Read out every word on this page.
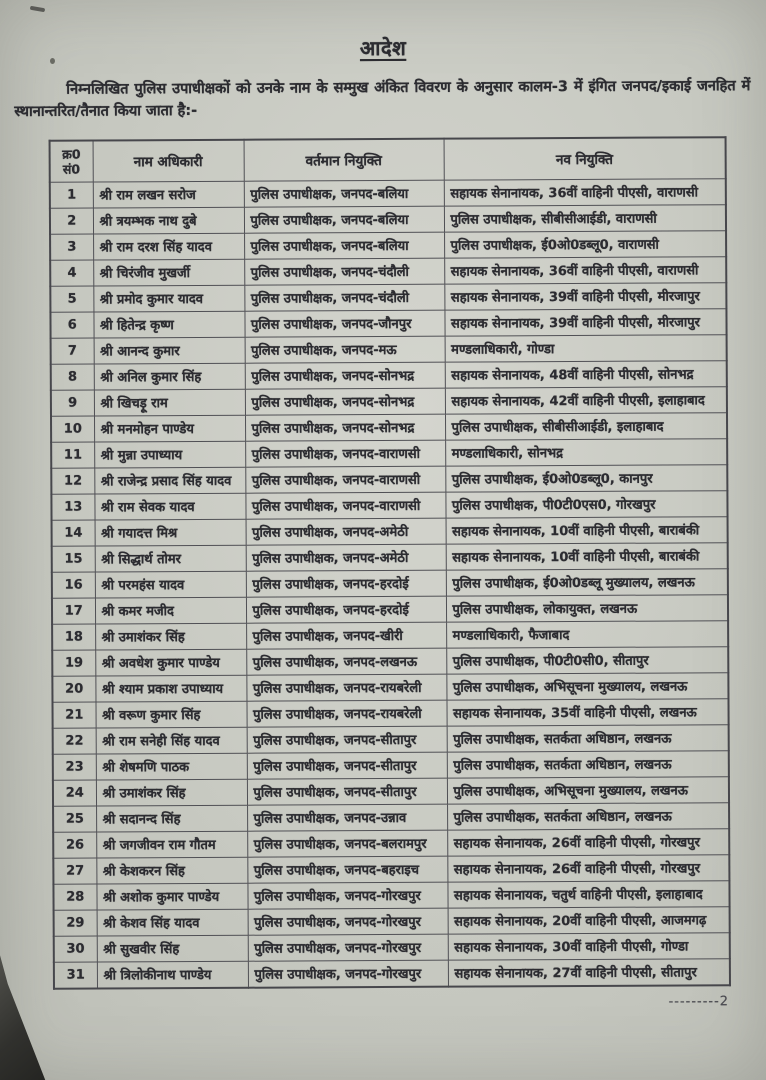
आदेश

निम्नलिखित पुलिस उपाधीक्षकों को उनके नाम के सम्मुख अंकित विवरण के अनुसार कालम-3 में इंगित जनपद/इकाई जनहित में स्थानान्तरित/तैनात किया जाता है:-

क्र0
सं0	नाम अधिकारी	वर्तमान नियुक्ति	नव नियुक्ति
1	श्री राम लखन सरोज	पुलिस उपाधीक्षक, जनपद-बलिया	सहायक सेनानायक, 36वीं वाहिनी पीएसी, वाराणसी
2	श्री त्रयम्भक नाथ दुबे	पुलिस उपाधीक्षक, जनपद-बलिया	पुलिस उपाधीक्षक, सीबीसीआईडी, वाराणसी
3	श्री राम दरश सिंह यादव	पुलिस उपाधीक्षक, जनपद-बलिया	पुलिस उपाधीक्षक, ई0ओ0डब्लू0, वाराणसी
4	श्री चिरंजीव मुखर्जी	पुलिस उपाधीक्षक, जनपद-चंदौली	सहायक सेनानायक, 36वीं वाहिनी पीएसी, वाराणसी
5	श्री प्रमोद कुमार यादव	पुलिस उपाधीक्षक, जनपद-चंदौली	सहायक सेनानायक, 39वीं वाहिनी पीएसी, मीरजापुर
6	श्री हितेन्द्र कृष्ण	पुलिस उपाधीक्षक, जनपद-जौनपुर	सहायक सेनानायक, 39वीं वाहिनी पीएसी, मीरजापुर
7	श्री आनन्द कुमार	पुलिस उपाधीक्षक, जनपद-मऊ	मण्डलाधिकारी, गोण्डा
8	श्री अनिल कुमार सिंह	पुलिस उपाधीक्षक, जनपद-सोनभद्र	सहायक सेनानायक, 48वीं वाहिनी पीएसी, सोनभद्र
9	श्री खिचड़ू राम	पुलिस उपाधीक्षक, जनपद-सोनभद्र	सहायक सेनानायक, 42वीं वाहिनी पीएसी, इलाहाबाद
10	श्री मनमोहन पाण्डेय	पुलिस उपाधीक्षक, जनपद-सोनभद्र	पुलिस उपाधीक्षक, सीबीसीआईडी, इलाहाबाद
11	श्री मुन्ना उपाध्याय	पुलिस उपाधीक्षक, जनपद-वाराणसी	मण्डलाधिकारी, सोनभद्र
12	श्री राजेन्द्र प्रसाद सिंह यादव	पुलिस उपाधीक्षक, जनपद-वाराणसी	पुलिस उपाधीक्षक, ई0ओ0डब्लू0, कानपुर
13	श्री राम सेवक यादव	पुलिस उपाधीक्षक, जनपद-वाराणसी	पुलिस उपाधीक्षक, पी0टी0एस0, गोरखपुर
14	श्री गयादत्त मिश्र	पुलिस उपाधीक्षक, जनपद-अमेठी	सहायक सेनानायक, 10वीं वाहिनी पीएसी, बाराबंकी
15	श्री सिद्धार्थ तोमर	पुलिस उपाधीक्षक, जनपद-अमेठी	सहायक सेनानायक, 10वीं वाहिनी पीएसी, बाराबंकी
16	श्री परमहंस यादव	पुलिस उपाधीक्षक, जनपद-हरदोई	पुलिस उपाधीक्षक, ई0ओ0डब्लू मुख्यालय, लखनऊ
17	श्री कमर मजीद	पुलिस उपाधीक्षक, जनपद-हरदोई	पुलिस उपाधीक्षक, लोकायुक्त, लखनऊ
18	श्री उमाशंकर सिंह	पुलिस उपाधीक्षक, जनपद-खीरी	मण्डलाधिकारी, फैजाबाद
19	श्री अवधेश कुमार पाण्डेय	पुलिस उपाधीक्षक, जनपद-लखनऊ	पुलिस उपाधीक्षक, पी0टी0सी0, सीतापुर
20	श्री श्याम प्रकाश उपाध्याय	पुलिस उपाधीक्षक, जनपद-रायबरेली	पुलिस उपाधीक्षक, अभिसूचना मुख्यालय, लखनऊ
21	श्री वरूण कुमार सिंह	पुलिस उपाधीक्षक, जनपद-रायबरेली	सहायक सेनानायक, 35वीं वाहिनी पीएसी, लखनऊ
22	श्री राम सनेही सिंह यादव	पुलिस उपाधीक्षक, जनपद-सीतापुर	पुलिस उपाधीक्षक, सतर्कता अधिष्ठान, लखनऊ
23	श्री शेषमणि पाठक	पुलिस उपाधीक्षक, जनपद-सीतापुर	पुलिस उपाधीक्षक, सतर्कता अधिष्ठान, लखनऊ
24	श्री उमाशंकर सिंह	पुलिस उपाधीक्षक, जनपद-सीतापुर	पुलिस उपाधीक्षक, अभिसूचना मुख्यालय, लखनऊ
25	श्री सदानन्द सिंह	पुलिस उपाधीक्षक, जनपद-उन्नाव	पुलिस उपाधीक्षक, सतर्कता अधिष्ठान, लखनऊ
26	श्री जगजीवन राम गौतम	पुलिस उपाधीक्षक, जनपद-बलरामपुर	सहायक सेनानायक, 26वीं वाहिनी पीएसी, गोरखपुर
27	श्री केशकरन सिंह	पुलिस उपाधीक्षक, जनपद-बहराइच	सहायक सेनानायक, 26वीं वाहिनी पीएसी, गोरखपुर
28	श्री अशोक कुमार पाण्डेय	पुलिस उपाधीक्षक, जनपद-गोरखपुर	सहायक सेनानायक, चतुर्थ वाहिनी पीएसी, इलाहाबाद
29	श्री केशव सिंह यादव	पुलिस उपाधीक्षक, जनपद-गोरखपुर	सहायक सेनानायक, 20वीं वाहिनी पीएसी, आजमगढ़
30	श्री सुखवीर सिंह	पुलिस उपाधीक्षक, जनपद-गोरखपुर	सहायक सेनानायक, 30वीं वाहिनी पीएसी, गोण्डा
31	श्री त्रिलोकीनाथ पाण्डेय	पुलिस उपाधीक्षक, जनपद-गोरखपुर	सहायक सेनानायक, 27वीं वाहिनी पीएसी, सीतापुर
---------2
